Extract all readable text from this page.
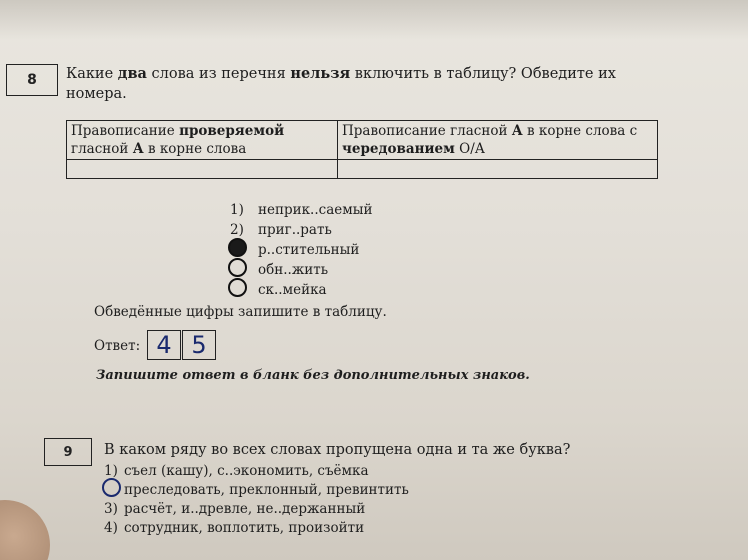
8	Какие два слова из перечня нельзя включить в таблицу? Обведите их номера.
Правописание проверяемой гласной А в корне слова	Правописание гласной А в корне слова с чередованием О/А

1)	неприк..саемый
2)	приг..рать
р..стительный
обн..жить
ск..мейка
Обведённые цифры запишите в таблицу.
Ответ: 4 5
Запишите ответ в бланк без дополнительных знаков.
9	В каком ряду во всех словах пропущена одна и та же буква?
1) съел (кашу), с..экономить, съёмка
преследовать, преклонный, превинтить
3) расчёт, и..древле, не..держанный
4) сотрудник, воплотить, произойти
